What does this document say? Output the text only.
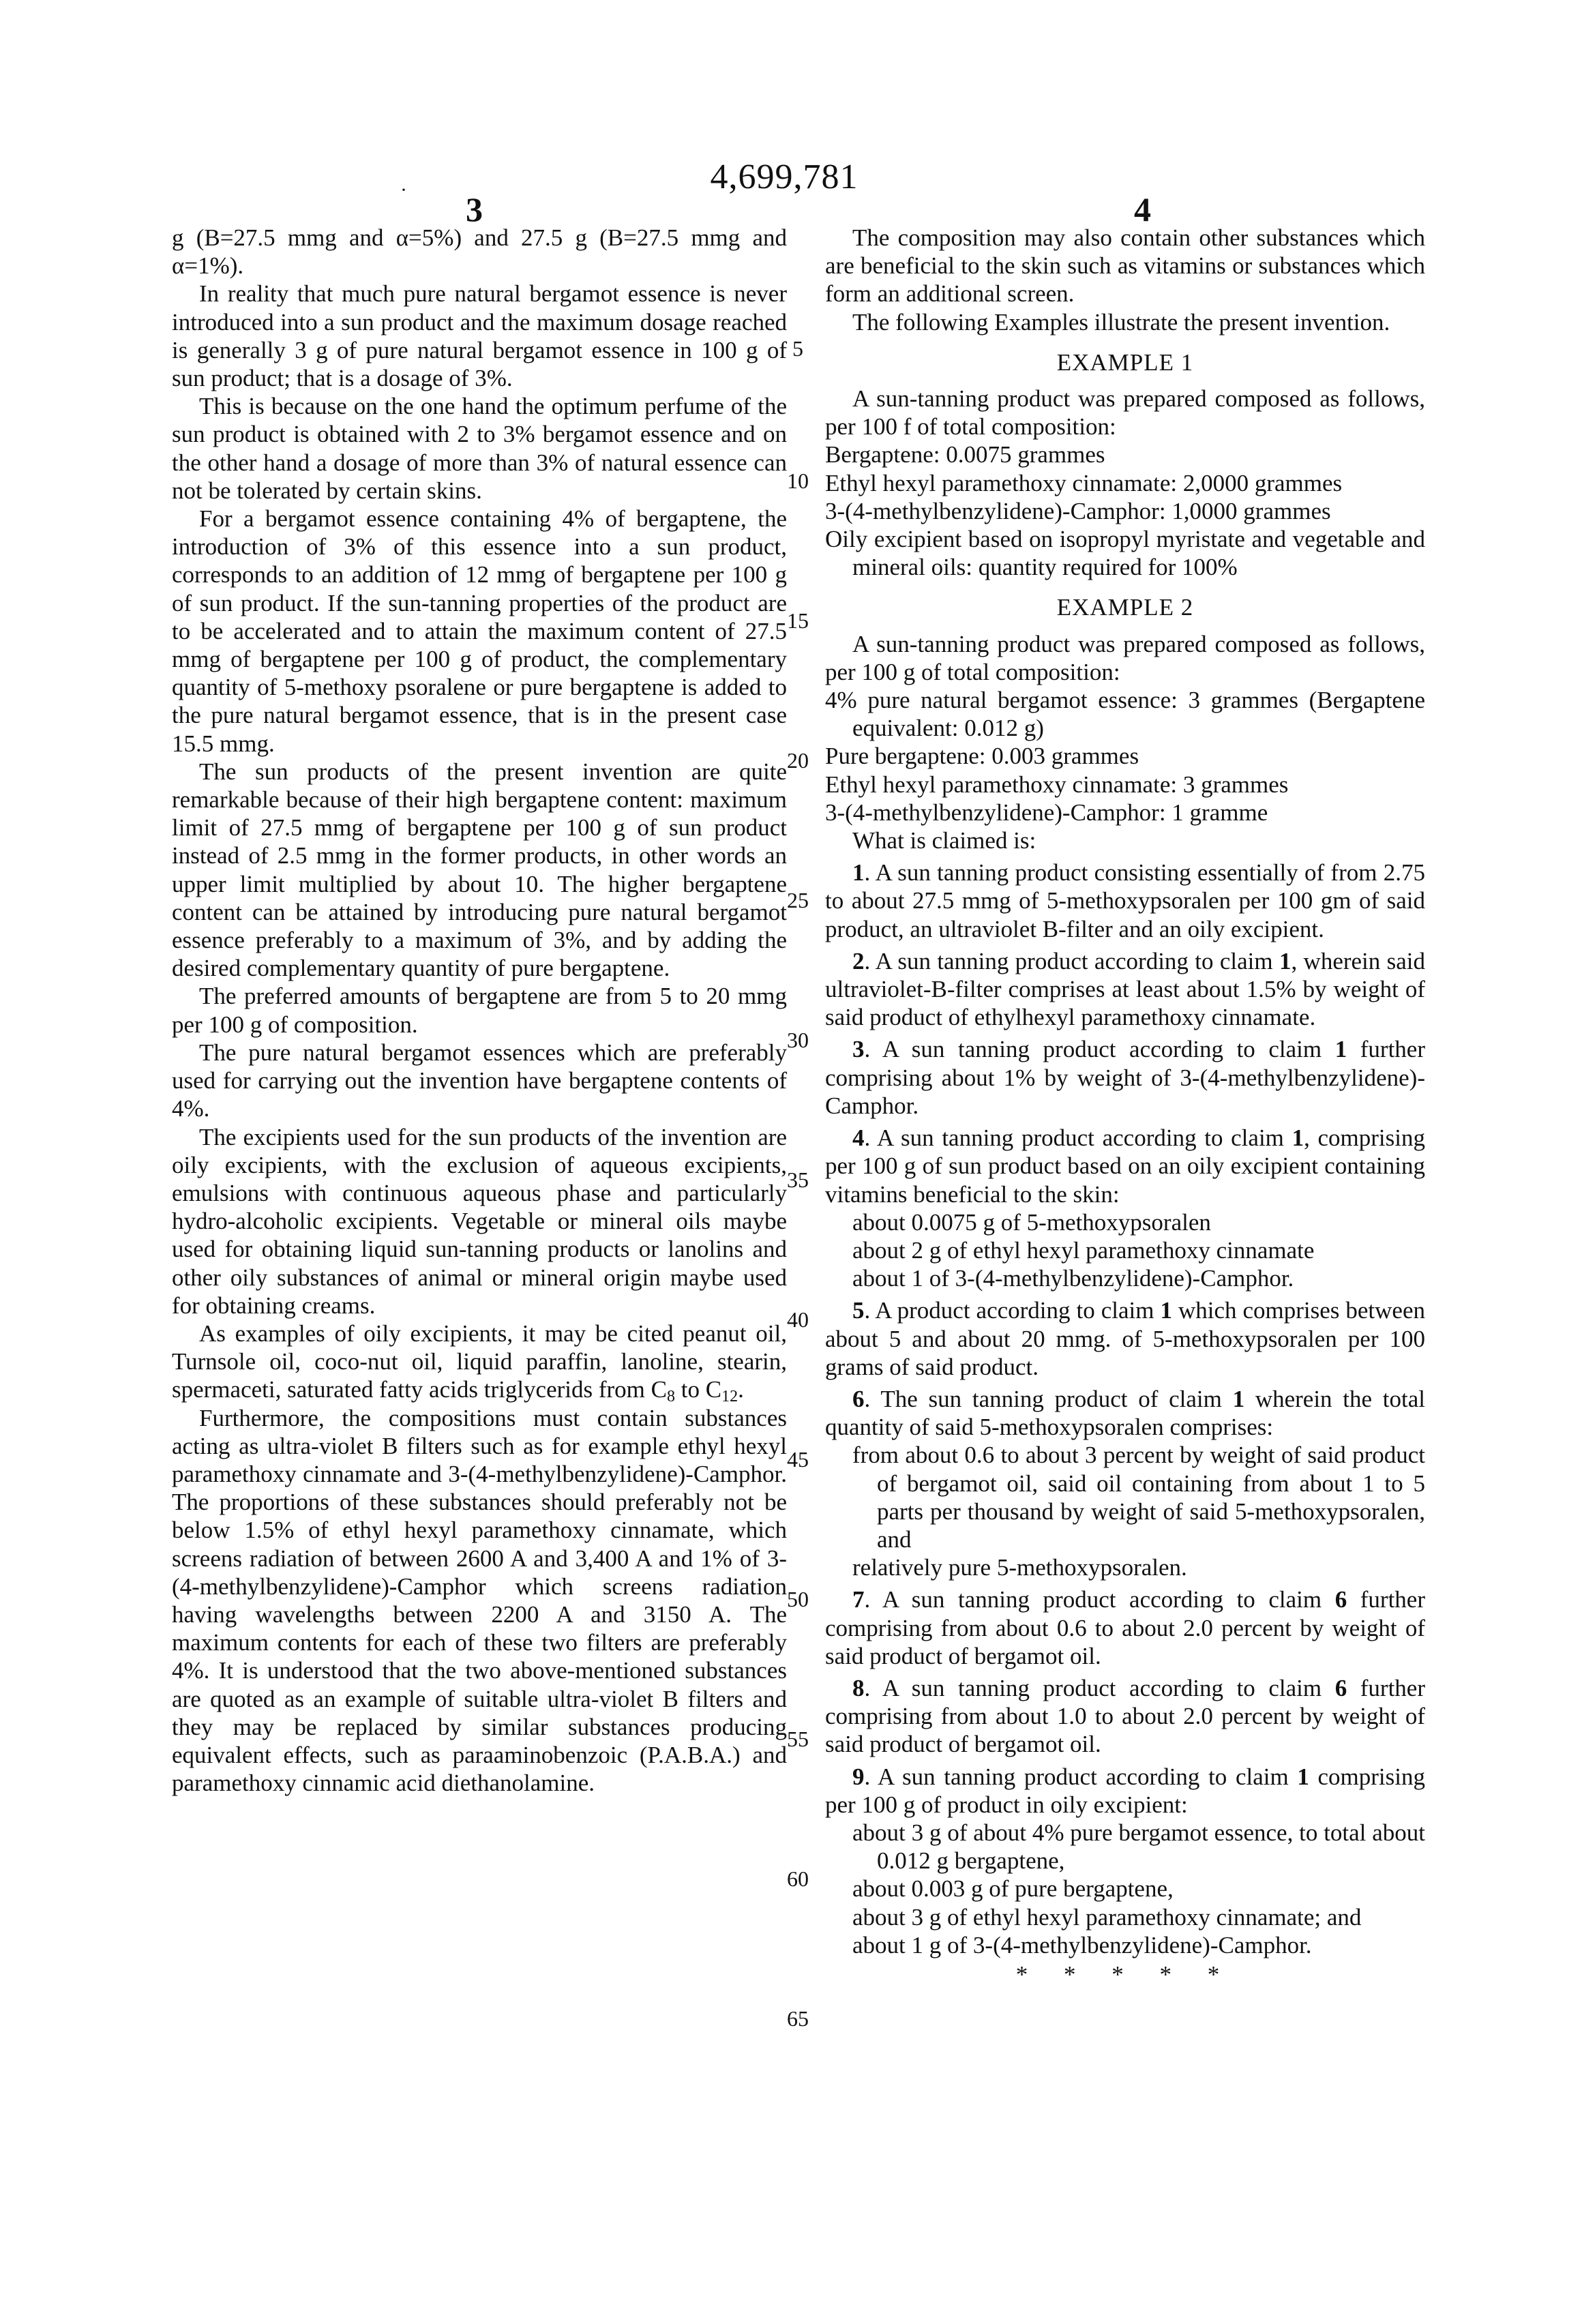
4,699,781
3	4
·

g (B=27.5 mmg and α=5%) and 27.5 g (B=27.5 mmg and α=1%).

In reality that much pure natural bergamot essence is never introduced into a sun product and the maximum dosage reached is generally 3 g of pure natural bergamot essence in 100 g of sun product; that is a dosage of 3%.

This is because on the one hand the optimum perfume of the sun product is obtained with 2 to 3% bergamot essence and on the other hand a dosage of more than 3% of natural essence can not be tolerated by certain skins.

For a bergamot essence containing 4% of bergaptene, the introduction of 3% of this essence into a sun product, corresponds to an addition of 12 mmg of bergaptene per 100 g of sun product. If the sun-tanning properties of the product are to be accelerated and to attain the maximum content of 27.5 mmg of bergaptene per 100 g of product, the complementary quantity of 5-methoxy psoralene or pure bergaptene is added to the pure natural bergamot essence, that is in the present case 15.5 mmg.

The sun products of the present invention are quite remarkable because of their high bergaptene content: maximum limit of 27.5 mmg of bergaptene per 100 g of sun product instead of 2.5 mmg in the former products, in other words an upper limit multiplied by about 10. The higher bergaptene content can be attained by introducing pure natural bergamot essence preferably to a maximum of 3%, and by adding the desired complementary quantity of pure bergaptene.

The preferred amounts of bergaptene are from 5 to 20 mmg per 100 g of composition.

The pure natural bergamot essences which are preferably used for carrying out the invention have bergaptene contents of 4%.

The excipients used for the sun products of the invention are oily excipients, with the exclusion of aqueous excipients, emulsions with continuous aqueous phase and particularly hydro-alcoholic excipients. Vegetable or mineral oils maybe used for obtaining liquid sun-tanning products or lanolins and other oily substances of animal or mineral origin maybe used for obtaining creams.

As examples of oily excipients, it may be cited peanut oil, Turnsole oil, coco-nut oil, liquid paraffin, lanoline, stearin, spermaceti, saturated fatty acids triglycerids from C8 to C12.

Furthermore, the compositions must contain substances acting as ultra-violet B filters such as for example ethyl hexyl paramethoxy cinnamate and 3-(4-methylbenzylidene)-Camphor. The proportions of these substances should preferably not be below 1.5% of ethyl hexyl paramethoxy cinnamate, which screens radiation of between 2600 A and 3,400 A and 1% of 3-(4-methylbenzylidene)-Camphor which screens radiation having wavelengths between 2200 A and 3150 A. The maximum contents for each of these two filters are preferably 4%. It is understood that the two above-mentioned substances are quoted as an example of suitable ultra-violet B filters and they may be replaced by similar substances producing equivalent effects, such as paraaminobenzoic (P.A.B.A.) and paramethoxy cinnamic acid diethanolamine.

5
10
15
20
25
30
35
40
45
50
55
60
65

The composition may also contain other substances which are beneficial to the skin such as vitamins or substances which form an additional screen.

The following Examples illustrate the present invention.

EXAMPLE 1

A sun-tanning product was prepared composed as follows, per 100 f of total composition:

Bergaptene: 0.0075 grammes

Ethyl hexyl paramethoxy cinnamate: 2,0000 grammes

3-(4-methylbenzylidene)-Camphor: 1,0000 grammes

Oily excipient based on isopropyl myristate and vegetable and mineral oils: quantity required for 100%

EXAMPLE 2

A sun-tanning product was prepared composed as follows, per 100 g of total composition:

4% pure natural bergamot essence: 3 grammes (Bergaptene equivalent: 0.012 g)

Pure bergaptene: 0.003 grammes

Ethyl hexyl paramethoxy cinnamate: 3 grammes

3-(4-methylbenzylidene)-Camphor: 1 gramme

What is claimed is:

1. A sun tanning product consisting essentially of from 2.75 to about 27.5 mmg of 5-methoxypsoralen per 100 gm of said product, an ultraviolet B-filter and an oily excipient.

2. A sun tanning product according to claim 1, wherein said ultraviolet-B-filter comprises at least about 1.5% by weight of said product of ethylhexyl paramethoxy cinnamate.

3. A sun tanning product according to claim 1 further comprising about 1% by weight of 3-(4-methylbenzylidene)-Camphor.

4. A sun tanning product according to claim 1, comprising per 100 g of sun product based on an oily excipient containing vitamins beneficial to the skin:

about 0.0075 g of 5-methoxypsoralen

about 2 g of ethyl hexyl paramethoxy cinnamate

about 1 of 3-(4-methylbenzylidene)-Camphor.

5. A product according to claim 1 which comprises between about 5 and about 20 mmg. of 5-methoxypsoralen per 100 grams of said product.

6. The sun tanning product of claim 1 wherein the total quantity of said 5-methoxypsoralen comprises:

from about 0.6 to about 3 percent by weight of said product of bergamot oil, said oil containing from about 1 to 5 parts per thousand by weight of said 5-methoxypsoralen, and

relatively pure 5-methoxypsoralen.

7. A sun tanning product according to claim 6 further comprising from about 0.6 to about 2.0 percent by weight of said product of bergamot oil.

8. A sun tanning product according to claim 6 further comprising from about 1.0 to about 2.0 percent by weight of said product of bergamot oil.

9. A sun tanning product according to claim 1 comprising per 100 g of product in oily excipient:

about 3 g of about 4% pure bergamot essence, to total about 0.012 g bergaptene,

about 0.003 g of pure bergaptene,

about 3 g of ethyl hexyl paramethoxy cinnamate; and

about 1 g of 3-(4-methylbenzylidene)-Camphor.

* * * * *
